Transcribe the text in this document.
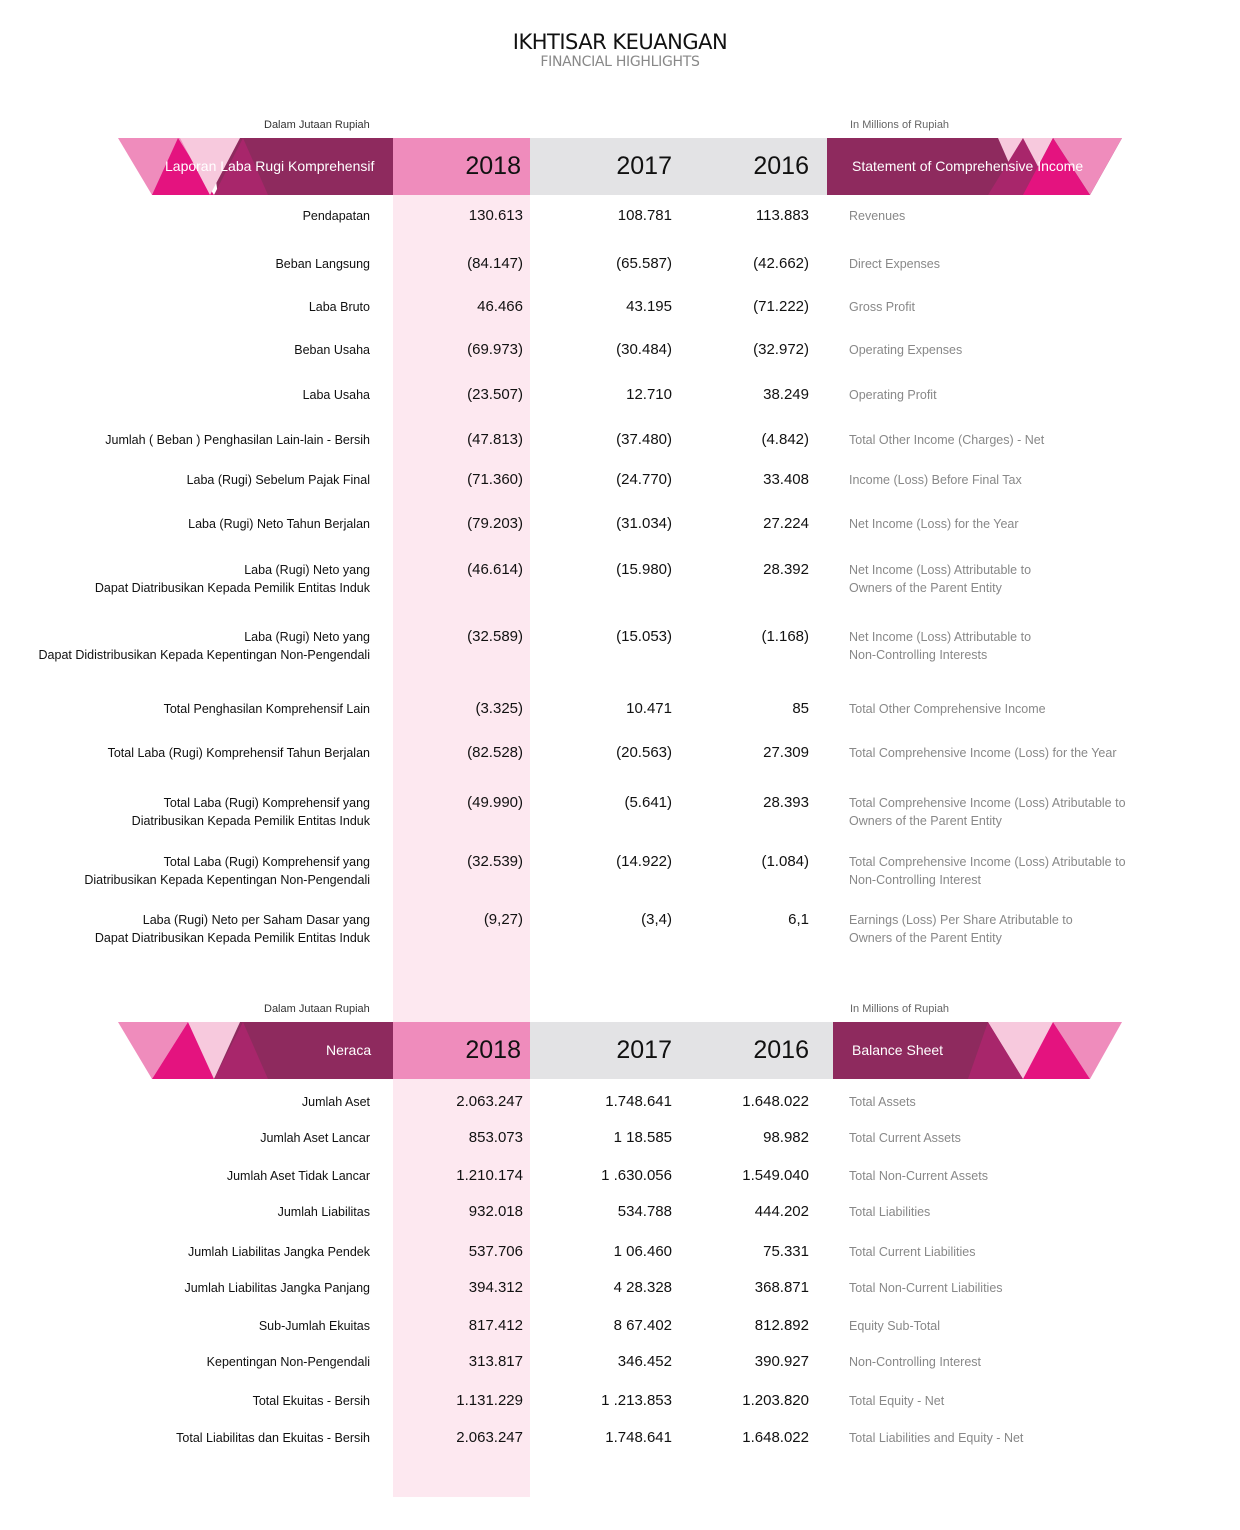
IKHTISAR KEUANGAN
FINANCIAL HIGHLIGHTS
Dalam Jutaan Rupiah	In Millions of Rupiah
Laporan Laba Rugi Komprehensif	2018	2017	2016	Statement of Comprehensive Income
Pendapatan	130.613	108.781	113.883	Revenues
Beban Langsung	(84.147)	(65.587)	(42.662)	Direct Expenses
Laba Bruto	46.466	43.195	(71.222)	Gross Profit
Beban Usaha	(69.973)	(30.484)	(32.972)	Operating Expenses
Laba Usaha	(23.507)	12.710	38.249	Operating Profit
Jumlah ( Beban ) Penghasilan Lain-lain - Bersih	(47.813)	(37.480)	(4.842)	Total Other Income (Charges) - Net
Laba (Rugi) Sebelum Pajak Final	(71.360)	(24.770)	33.408	Income (Loss) Before Final Tax
Laba (Rugi) Neto Tahun Berjalan	(79.203)	(31.034)	27.224	Net Income (Loss) for the Year
Laba (Rugi) Neto yang
Dapat Diatribusikan Kepada Pemilik Entitas Induk
(46.614)	(15.980)	28.392	Net Income (Loss) Attributable to
Owners of the Parent Entity
Laba (Rugi) Neto yang
Dapat Didistribusikan Kepada Kepentingan Non-Pengendali
(32.589)	(15.053)	(1.168)	Net Income (Loss) Attributable to
Non-Controlling Interests
Total Penghasilan Komprehensif Lain	(3.325)	10.471	85	Total Other Comprehensive Income
Total Laba (Rugi) Komprehensif Tahun Berjalan	(82.528)	(20.563)	27.309	Total Comprehensive Income (Loss) for the Year
Total Laba (Rugi) Komprehensif yang
Diatribusikan Kepada Pemilik Entitas Induk
(49.990)	(5.641)	28.393	Total Comprehensive Income (Loss) Atributable to
Owners of the Parent Entity
Total Laba (Rugi) Komprehensif yang
Diatribusikan Kepada Kepentingan Non-Pengendali
(32.539)	(14.922)	(1.084)	Total Comprehensive Income (Loss) Atributable to
Non-Controlling Interest
Laba (Rugi) Neto per Saham Dasar yang
Dapat Diatribusikan Kepada Pemilik Entitas Induk
(9,27)	(3,4)	6,1	Earnings (Loss) Per Share Atributable to
Owners of the Parent Entity
Dalam Jutaan Rupiah	In Millions of Rupiah
Neraca	2018	2017	2016	Balance Sheet
Jumlah Aset	2.063.247	1.748.641	1.648.022	Total Assets
Jumlah Aset Lancar	853.073	1 18.585	98.982	Total Current Assets
Jumlah Aset Tidak Lancar	1.210.174	1 .630.056	1.549.040	Total Non-Current Assets
Jumlah Liabilitas	932.018	534.788	444.202	Total Liabilities
Jumlah Liabilitas Jangka Pendek	537.706	1 06.460	75.331	Total Current Liabilities
Jumlah Liabilitas Jangka Panjang	394.312	4 28.328	368.871	Total Non-Current Liabilities
Sub-Jumlah Ekuitas	817.412	8 67.402	812.892	Equity Sub-Total
Kepentingan Non-Pengendali	313.817	346.452	390.927	Non-Controlling Interest
Total Ekuitas - Bersih	1.131.229	1 .213.853	1.203.820	Total Equity - Net
Total Liabilitas dan Ekuitas - Bersih	2.063.247	1.748.641	1.648.022	Total Liabilities and Equity - Net
